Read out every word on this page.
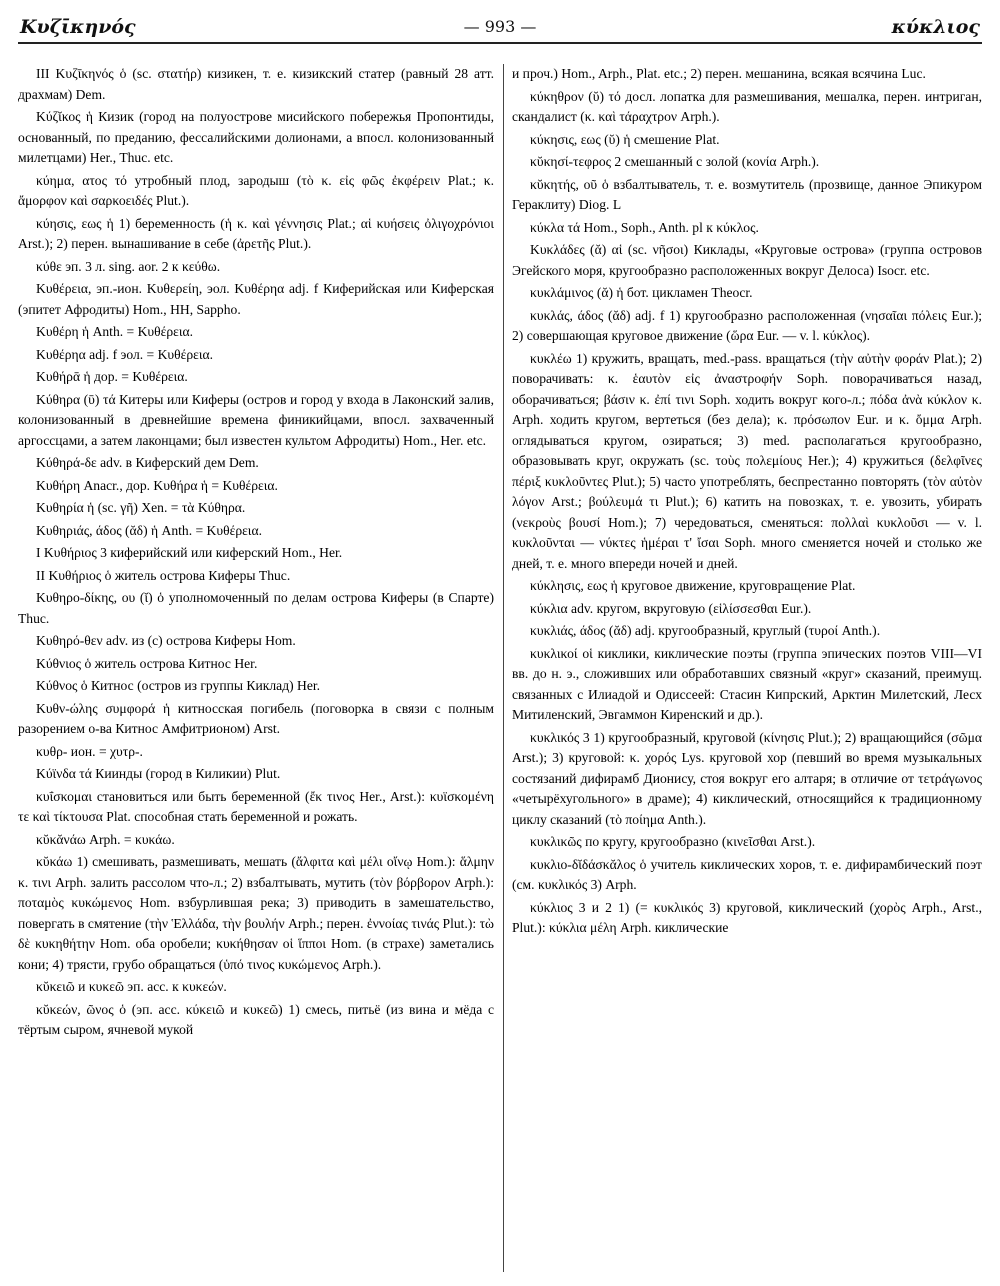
Κυζῑκηνός	— 993 —	κύκλιος

III Κυζῑκηνός ὁ (sc. στατήρ) кизикен, т. е. кизикский статер (равный 28 атт. драхмам) Dem.

Κύζῐκος ἡ Кизик (город на полуострове мисийского побережья Пропонтиды, основанный, по преданию, фессалийскими долионами, а впосл. колонизованный милетцами) Her., Thuc. etc.

κύημα, ατος τό утробный плод, зародыш (τὸ κ. εἰς φῶς ἐκφέρειν Plat.; κ. ἄμορφον καὶ σαρκοειδές Plut.).

κύησις, εως ἡ 1) беременность (ἡ κ. καὶ γέννησις Plat.; αἱ κυήσεις ὀλιγοχρόνιοι Arst.); 2) перен. вынашивание в себе (ἀρετῆς Plut.).

κύθε эп. 3 л. sing. aor. 2 к κεύθω.

Κυθέρεια, эп.-ион. Κυθερείη, эол. Κυθέρηα adj. f Киферийская или Киферская (эпитет Афродиты) Hom., HH, Sappho.

Κυθέρη ἡ Anth. = Κυθέρεια.

Κυθέρηα adj. f эол. = Κυθέρεια.

Κυθήρᾱ ἡ дор. = Κυθέρεια.

Κύθηρα (ῡ) τά Китеры или Киферы (остров и город у входа в Лаконский залив, колонизованный в древнейшие времена финикийцами, впосл. захваченный аргоссцами, а затем лаконцами; был известен культом Афродиты) Hom., Her. etc.

Κύθηρά-δε adv. в Киферский дем Dem.

Κυθήρη Anacr., дор. Κυθήρα ἡ = Κυθέρεια.

Κυθηρία ἡ (sc. γῆ) Xen. = τὰ Κύθηρα.

Κυθηριάς, άδος (ᾰδ) ἡ Anth. = Κυθέρεια.

I Κυθήριος 3 киферийский или киферский Hom., Her.

II Κυθήριος ὁ житель острова Киферы Thuc.

Κυθηρο-δίκης, ου (ῐ) ὁ уполномоченный по делам острова Киферы (в Спарте) Thuc.

Κυθηρό-θεν adv. из (с) острова Киферы Hom.

Κύθνιος ὁ житель острова Китнос Her.

Κύθνος ὁ Китнос (остров из группы Киклад) Her.

Κυθν-ώλης συμφορά ἡ китносская погибель (поговорка в связи с полным разорением о-ва Китнос Амфитрионом) Arst.

κυθρ- ион. = χυτρ-.

Κύϊνδα τά Киинды (город в Киликии) Plut.

κυΐσκομαι становиться или быть беременной (ἔκ τινος Her., Arst.): κυϊσκομένη τε καὶ τίκτουσα Plat. способная стать беременной и рожать.

κῠκᾰνάω Arph. = κυκάω.

κῠκάω 1) смешивать, размешивать, мешать (ἄλφιτα καὶ μέλι οἴνῳ Hom.): ἅλμην κ. τινι Arph. залить рассолом что-л.; 2) взбалтывать, мутить (τὸν βόρβορον Arph.): ποταμὸς κυκώμενος Hom. взбурлившая река; 3) приводить в замешательство, повергать в смятение (τὴν Ἑλλάδα, τὴν βουλήν Arph.; перен. ἐννοίας τινάς Plut.): τὼ δὲ κυκηθήτην Hom. оба оробели; κυκήθησαν οἱ ἵπποι Hom. (в страхе) заметались кони; 4) трясти, грубо обращаться (ὑπό τινος κυκώμενος Arph.).

κῠκειῶ и κυκεῶ эп. acc. к κυκεών.

κῠκεών, ῶνος ὁ (эп. acc. κύκειῶ и κυκεῶ) 1) смесь, питьё (из вина и мёда с тёртым сыром, ячневой мукой

и проч.) Hom., Arph., Plat. etc.; 2) перен. мешанина, всякая всячина Luc.

κύκηθρον (ῠ) τό досл. лопатка для размешивания, мешалка, перен. интриган, скандалист (κ. καὶ τάραχτρον Arph.).

κύκησις, εως (ῠ) ἡ смешение Plat.

κῠκησί-τεφρος 2 смешанный с золой (κονία Arph.).

κῠκητής, οῦ ὁ взбалтыватель, т. е. возмутитель (прозвище, данное Эпикуром Гераклиту) Diog. L

κύκλα τά Hom., Soph., Anth. pl к κύκλος.

Κυκλάδες (ᾰ) αἱ (sc. νῆσοι) Киклады, «Круговые острова» (группа островов Эгейского моря, кругообразно расположенных вокруг Делоса) Isocr. etc.

κυκλάμινος (ᾰ) ἡ бот. цикламен Theocr.

κυκλάς, άδος (ᾰδ) adj. f 1) кругообразно расположенная (νησαῖαι πόλεις Eur.); 2) совершающая круговое движение (ὥρα Eur. — v. l. κύκλος).

κυκλέω 1) кружить, вращать, med.-pass. вращаться (τὴν αὐτὴν φοράν Plat.); 2) поворачивать: κ. ἑαυτὸν εἰς ἀναστροφήν Soph. поворачиваться назад, оборачиваться; βάσιν κ. ἐπί τινι Soph. ходить вокруг кого-л.; πόδα ἀνὰ κύκλον κ. Arph. ходить кругом, вертеться (без дела); κ. πρόσωπον Eur. и κ. ὄμμα Arph. оглядываться кругом, озираться; 3) med. располагаться кругообразно, образовывать круг, окружать (sc. τοὺς πολεμίους Her.); 4) кружиться (δελφῖνες πέριξ κυκλοῦντες Plut.); 5) часто употреблять, беспрестанно повторять (τὸν αὐτὸν λόγον Arst.; βούλευμά τι Plut.); 6) катить на повозках, т. е. увозить, убирать (νεκροὺς βουσί Hom.); 7) чередоваться, сменяться: πολλαὶ κυκλοῦσι — v. l. κυκλοῦνται — νύκτες ἡμέραι τ' ἴσαι Soph. много сменяется ночей и столько же дней, т. е. много впереди ночей и дней.

κύκλησις, εως ἡ круговое движение, круговращение Plat.

κύκλια adv. кругом, вкруговую (εἱλίσσεσθαι Eur.).

κυκλιάς, άδος (ᾰδ) adj. кругообразный, круглый (τυροί Anth.).

κυκλικοί οἱ киклики, киклические поэты (группа эпических поэтов VIII—VI вв. до н. э., сложивших или обработавших связный «круг» сказаний, преимущ. связанных с Илиадой и Одиссеей: Стасин Кипрский, Арктин Милетский, Лесх Митиленский, Эвгаммон Киренский и др.).

κυκλικός 3 1) кругообразный, круговой (κίνησις Plut.); 2) вращающийся (σῶμα Arst.); 3) круговой: κ. χορός Lys. круговой хор (певший во время музыкальных состязаний дифирамб Дионису, стоя вокруг его алтаря; в отличие от τετράγωνος «четырёхугольного» в драме); 4) киклический, относящийся к традиционному циклу сказаний (τὸ ποίημα Anth.).

κυκλικῶς по кругу, кругообразно (κινεῖσθαι Arst.).

κυκλιο-δῐδάσκᾰλος ὁ учитель киклических хоров, т. е. дифирамбический поэт (см. κυκλικός 3) Arph.

κύκλιος 3 и 2 1) (= κυκλικός 3) круговой, киклический (χορὸς Arph., Arst., Plut.): κύκλια μέλη Arph. киклические
